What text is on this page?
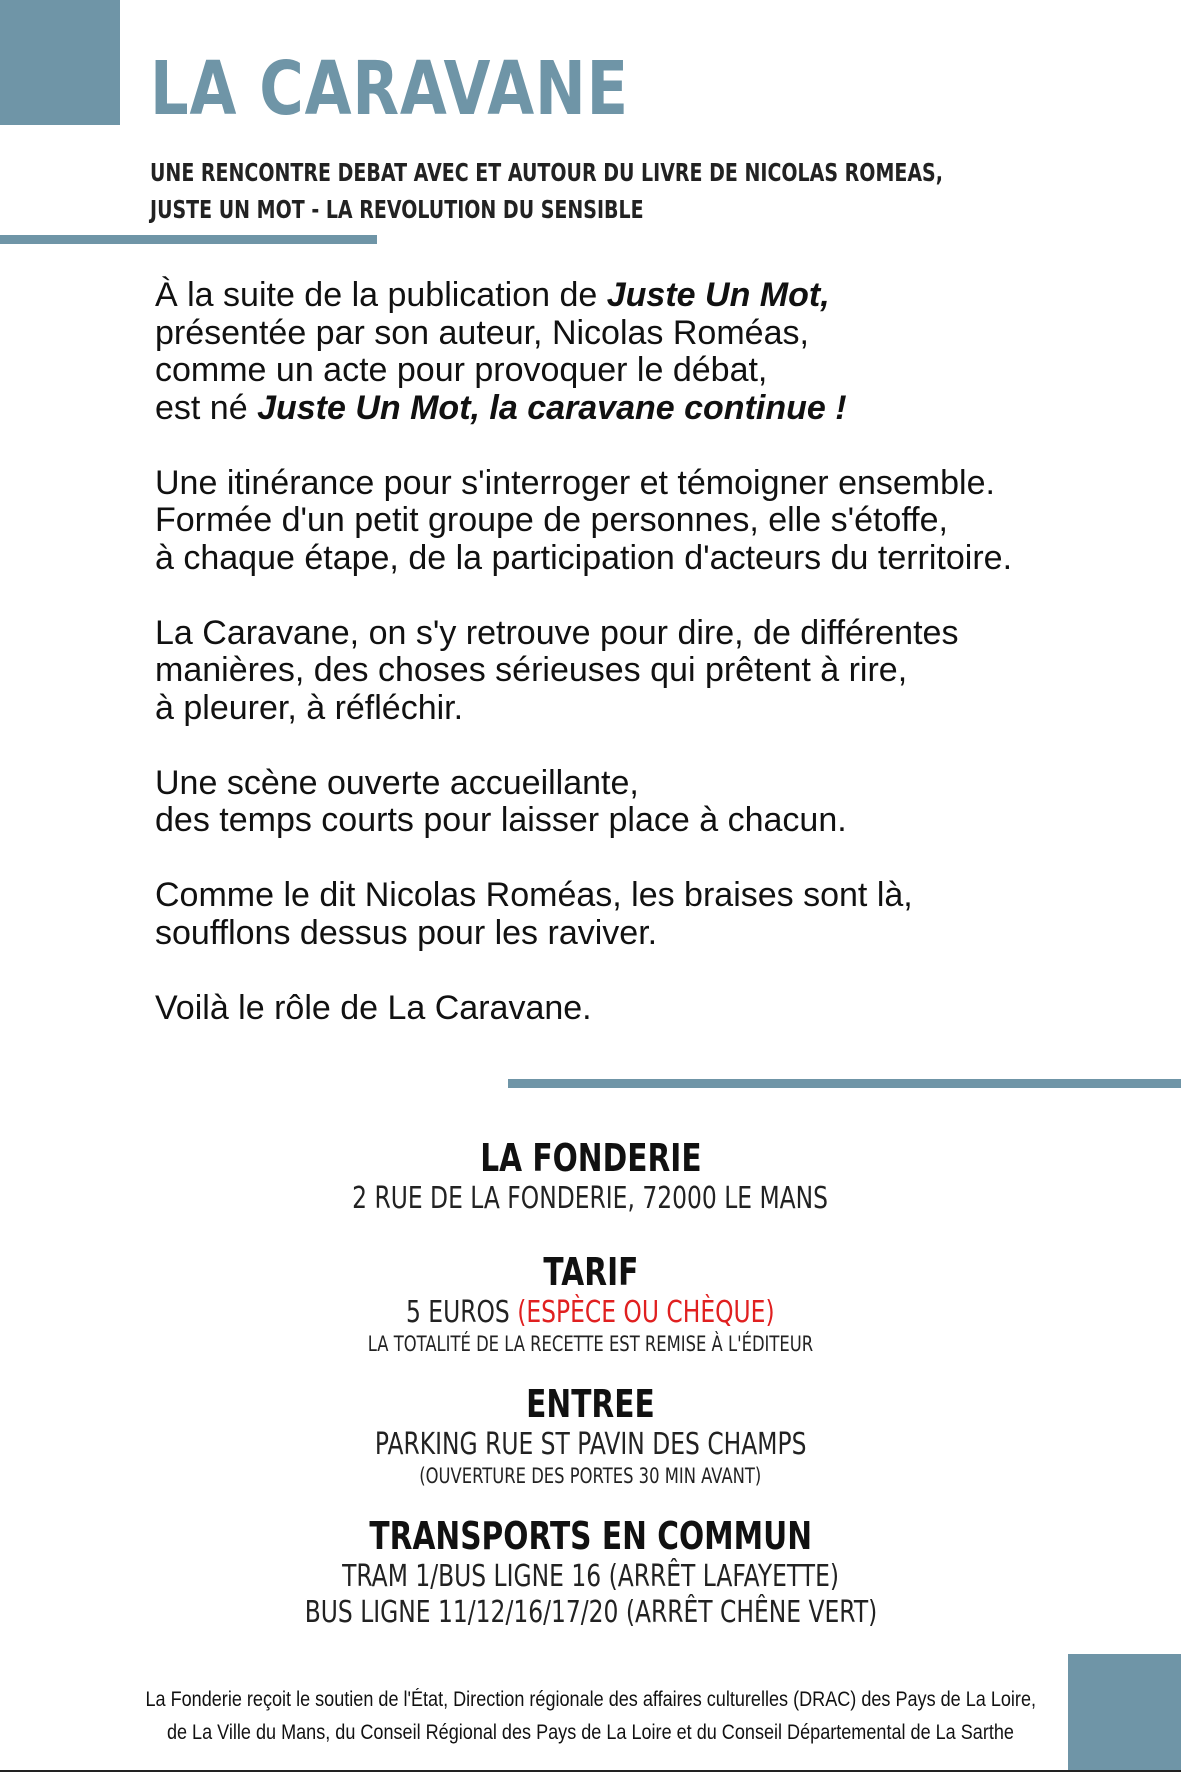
LA CARAVANE
UNE RENCONTRE DEBAT AVEC ET AUTOUR DU LIVRE DE NICOLAS ROMEAS,
JUSTE UN MOT - LA REVOLUTION DU SENSIBLE

À la suite de la publication de Juste Un Mot,
présentée par son auteur, Nicolas Roméas,
comme un acte pour provoquer le débat,
est né Juste Un Mot, la caravane continue !

Une itinérance pour s'interroger et témoigner ensemble.
Formée d'un petit groupe de personnes, elle s'étoffe,
à chaque étape, de la participation d'acteurs du territoire.

La Caravane, on s'y retrouve pour dire, de différentes
manières, des choses sérieuses qui prêtent à rire,
à pleurer, à réfléchir.

Une scène ouverte accueillante,
des temps courts pour laisser place à chacun.

Comme le dit Nicolas Roméas, les braises sont là,
soufflons dessus pour les raviver.

Voilà le rôle de La Caravane.

LA FONDERIE
2 RUE DE LA FONDERIE, 72000 LE MANS
TARIF
5 EUROS (ESPÈCE OU CHÈQUE)
LA TOTALITÉ DE LA RECETTE EST REMISE À L'ÉDITEUR
ENTREE
PARKING RUE ST PAVIN DES CHAMPS
(OUVERTURE DES PORTES 30 MIN AVANT)
TRANSPORTS EN COMMUN
TRAM 1/BUS LIGNE 16 (ARRÊT LAFAYETTE)
BUS LIGNE 11/12/16/17/20 (ARRÊT CHÊNE VERT)
La Fonderie reçoit le soutien de l'État, Direction régionale des affaires culturelles (DRAC) des Pays de La Loire,
de La Ville du Mans, du Conseil Régional des Pays de La Loire et du Conseil Départemental de La Sarthe
